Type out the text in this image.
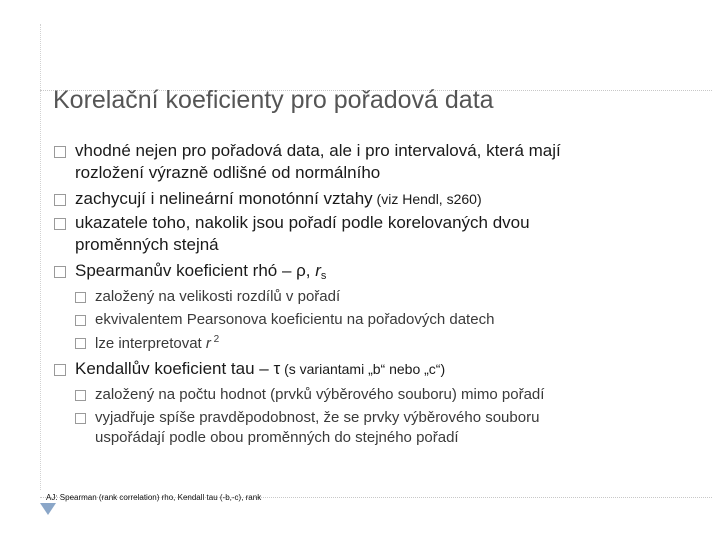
Korelační koeficienty pro pořadová data
vhodné nejen pro pořadová data, ale i pro intervalová, která mají
rozložení výrazně odlišné od normálního
zachycují i nelineární monotónní vztahy (viz Hendl, s260)
ukazatele toho, nakolik jsou pořadí podle korelovaných dvou
proměnných stejná
Spearmanův koeficient rhó – ρ, $r_s$
založený na velikosti rozdílů v pořadí
ekvivalentem Pearsonova koeficientu na pořadových datech
lze interpretovat r $^2$
Kendallův koeficient tau – τ (s variantami „b“ nebo „c“)
založený na počtu hodnot (prvků výběrového souboru) mimo pořadí
vyjadřuje spíše pravděpodobnost, že se prvky výběrového souboru
uspořádají podle obou proměnných do stejného pořadí
AJ: Spearman (rank correlation) rho, Kendall tau (-b,-c), rank
